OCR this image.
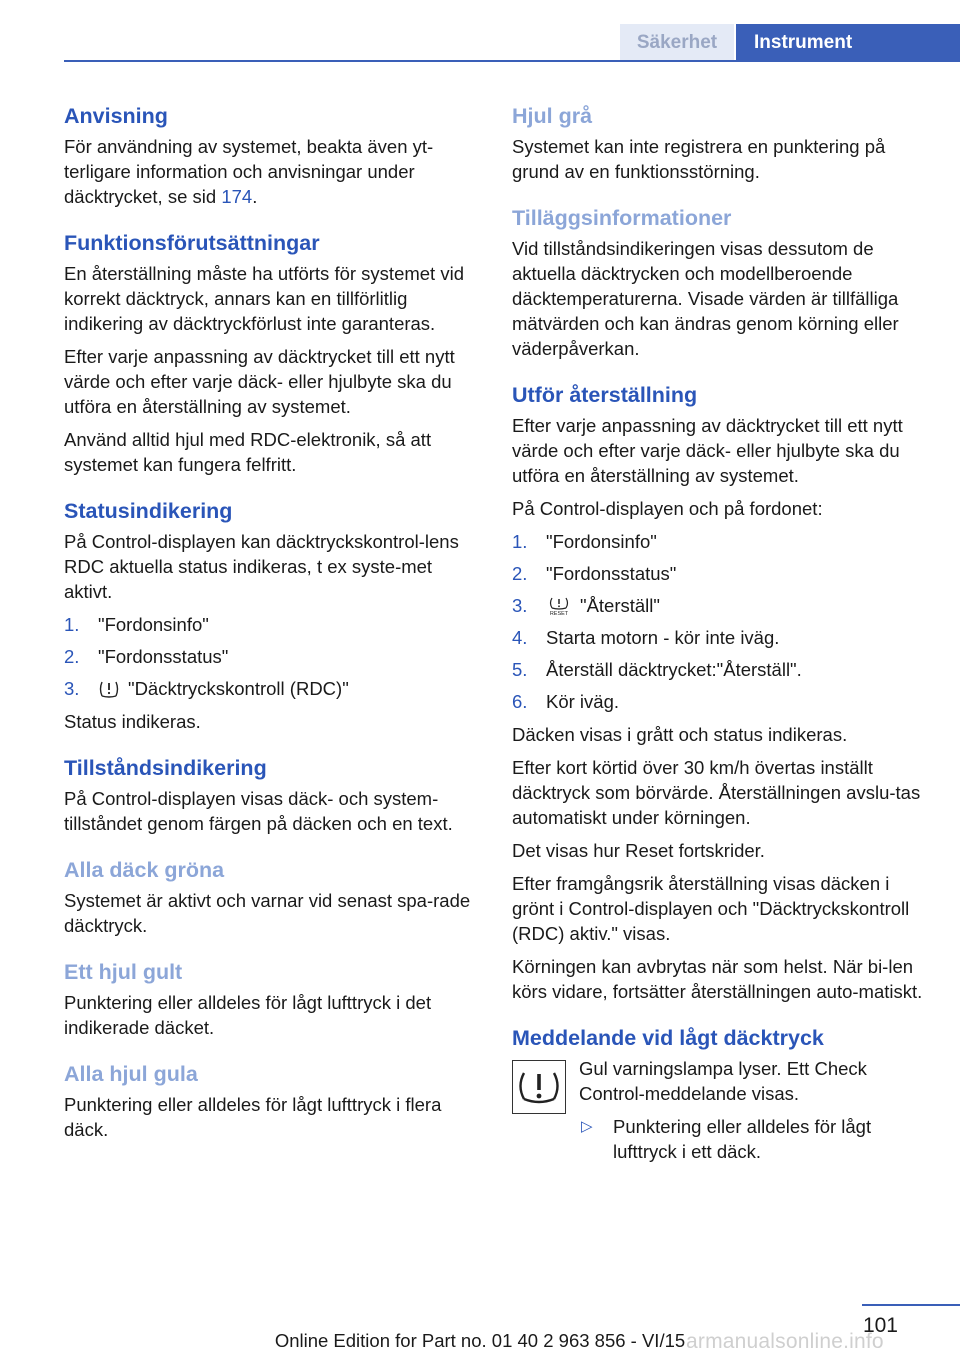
Säkerhet	Instrument
Anvisning

För användning av systemet, beakta även yt-terligare information och anvisningar under däcktrycket, se sid 174.

Funktionsförutsättningar

En återställning måste ha utförts för systemet vid korrekt däcktryck, annars kan en tillförlitlig indikering av däcktryckförlust inte garanteras.

Efter varje anpassning av däcktrycket till ett nytt värde och efter varje däck- eller hjulbyte ska du utföra en återställning av systemet.

Använd alltid hjul med RDC-elektronik, så att systemet kan fungera felfritt.

Statusindikering

På Control-displayen kan däcktryckskontrol-lens RDC aktuella status indikeras, t ex syste-met aktivt.

1. "Fordonsinfo"
2. "Fordonsstatus"
3.	"Däcktryckskontroll (RDC)"

Status indikeras.

Tillståndsindikering

På Control-displayen visas däck- och system-tillståndet genom färgen på däcken och en text.

Alla däck gröna

Systemet är aktivt och varnar vid senast spa-rade däcktryck.

Ett hjul gult

Punktering eller alldeles för lågt lufttryck i det indikerade däcket.

Alla hjul gula

Punktering eller alldeles för lågt lufttryck i flera däck.

Hjul grå

Systemet kan inte registrera en punktering på grund av en funktionsstörning.

Tilläggsinformationer

Vid tillståndsindikeringen visas dessutom de aktuella däcktrycken och modellberoende däcktemperaturerna. Visade värden är tillfälliga mätvärden och kan ändras genom körning eller väderpåverkan.

Utför återställning

Efter varje anpassning av däcktrycket till ett nytt värde och efter varje däck- eller hjulbyte ska du utföra en återställning av systemet.

På Control-displayen och på fordonet:

1. "Fordonsinfo"
2. "Fordonsstatus"
3.	RESET "Återställ"
4. Starta motorn - kör inte iväg.
5. Återställ däcktrycket:"Återställ".
6. Kör iväg.

Däcken visas i grått och status indikeras.

Efter kort körtid över 30 km/h övertas inställt däcktryck som börvärde. Återställningen avslu-tas automatiskt under körningen.

Det visas hur Reset fortskrider.

Efter framgångsrik återställning visas däcken i grönt i Control-displayen och "Däcktryckskontroll (RDC) aktiv." visas.

Körningen kan avbrytas när som helst. När bi-len körs vidare, fortsätter återställningen auto-matiskt.

Meddelande vid lågt däcktryck

Gul varningslampa lyser. Ett Check Control-meddelande visas.

▷ Punktering eller alldeles för lågt lufttryck i ett däck.
101
Online Edition for Part no. 01 40 2 963 856 - VI/15 armanualsonline.info
